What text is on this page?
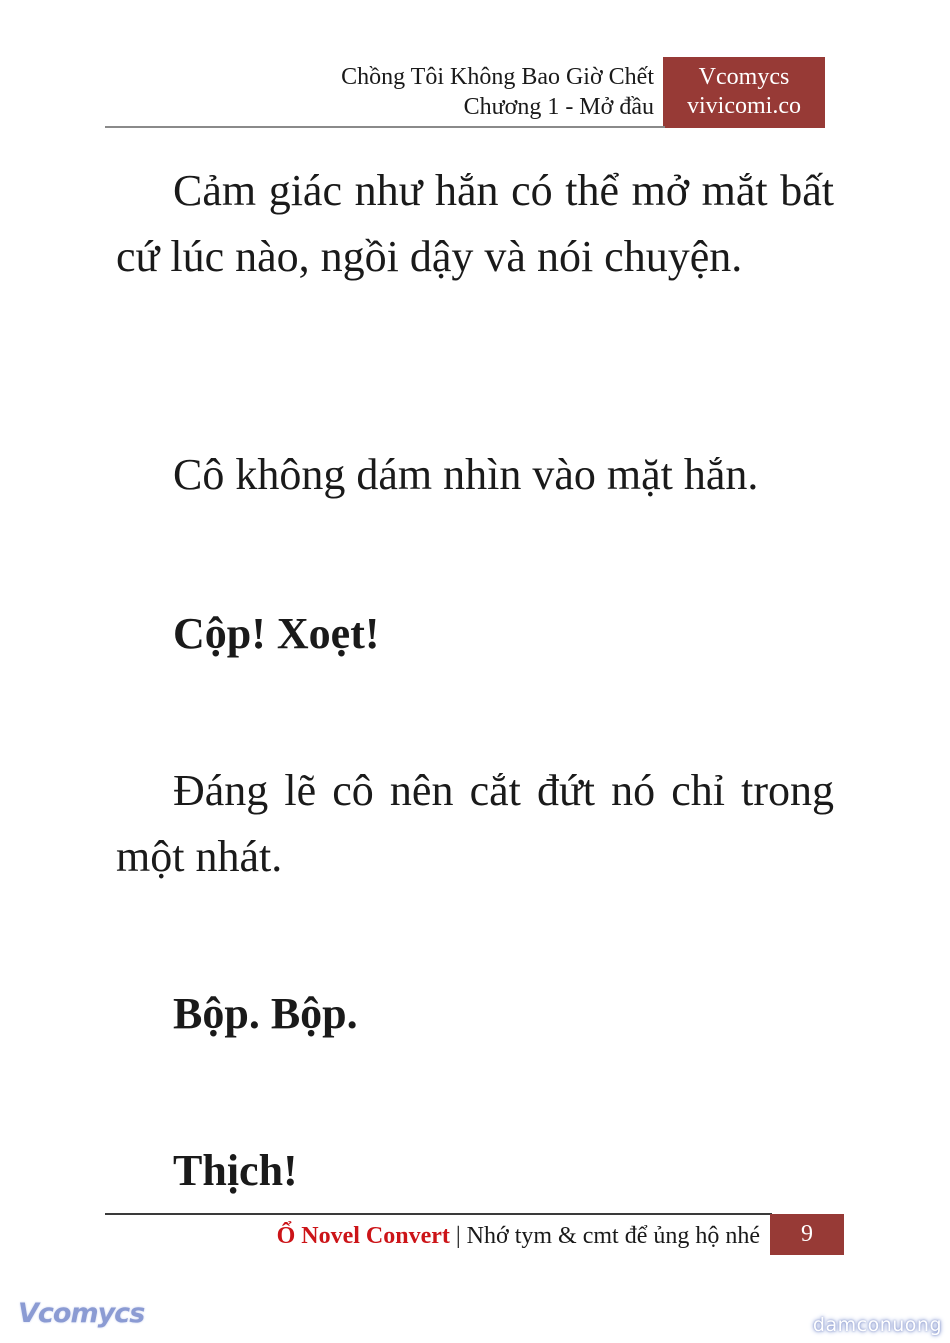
Chồng Tôi Không Bao Giờ Chết
Chương 1 - Mở đầu
Vcomycs
vivicomi.co

Cảm giác như hắn có thể mở mắt bất cứ lúc nào, ngồi dậy và nói chuyện.

Cô không dám nhìn vào mặt hắn.

Cộp! Xoẹt!

Đáng lẽ cô nên cắt đứt nó chỉ trong một nhát.

Bộp. Bộp.

Thịch!

Ổ Novel Convert | Nhớ tym & cmt để ủng hộ nhé	9
Vcomycs	damconuong
